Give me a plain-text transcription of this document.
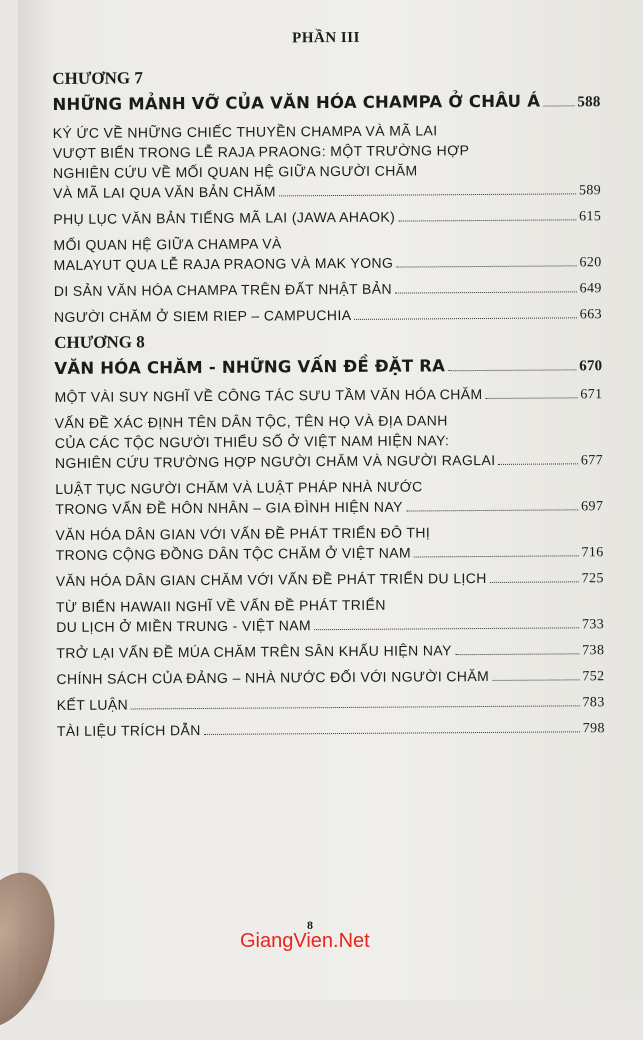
PHẦN III
CHƯƠNG 7
NHỮNG MẢNH VỠ CỦA VĂN HÓA CHAMPA Ở CHÂU Á 588
KÝ ỨC VỀ NHỮNG CHIẾC THUYỀN CHAMPA VÀ MÃ LAI
VƯỢT BIỂN TRONG LỄ RAJA PRAONG: MỘT TRƯỜNG HỢP
NGHIÊN CỨU VỀ MỐI QUAN HỆ GIỮA NGƯỜI CHĂM
VÀ MÃ LAI QUA VĂN BẢN CHĂM	589
PHỤ LỤC VĂN BẢN TIẾNG MÃ LAI (JAWA AHAOK)	615
MỐI QUAN HỆ GIỮA CHAMPA VÀ
MALAYUT QUA LỄ RAJA PRAONG VÀ MAK YONG	620
DI SẢN VĂN HÓA CHAMPA TRÊN ĐẤT NHẬT BẢN	649
NGƯỜI CHĂM Ở SIEM RIEP – CAMPUCHIA	663
CHƯƠNG 8
VĂN HÓA CHĂM - NHỮNG VẤN ĐỀ ĐẶT RA	670
MỘT VÀI SUY NGHĨ VỀ CÔNG TÁC SƯU TẦM VĂN HÓA CHĂM	671
VẤN ĐỀ XÁC ĐỊNH TÊN DÂN TỘC, TÊN HỌ VÀ ĐỊA DANH
CỦA CÁC TỘC NGƯỜI THIỂU SỐ Ở VIỆT NAM HIỆN NAY:
NGHIÊN CỨU TRƯỜNG HỢP NGƯỜI CHĂM VÀ NGƯỜI RAGLAI	677
LUẬT TỤC NGƯỜI CHĂM VÀ LUẬT PHÁP NHÀ NƯỚC
TRONG VẤN ĐỀ HÔN NHÂN – GIA ĐÌNH HIỆN NAY	697
VĂN HÓA DÂN GIAN VỚI VẤN ĐỀ PHÁT TRIỂN ĐÔ THỊ
TRONG CỘNG ĐỒNG DÂN TỘC CHĂM Ở VIỆT NAM	716
VĂN HÓA DÂN GIAN CHĂM VỚI VẤN ĐỀ PHÁT TRIỂN DU LỊCH	725
TỪ BIỂN HAWAII NGHĨ VỀ VẤN ĐỀ PHÁT TRIỂN
DU LỊCH Ở MIỀN TRUNG - VIỆT NAM	733
TRỞ LẠI VẤN ĐỀ MÚA CHĂM TRÊN SÂN KHẤU HIỆN NAY	738
CHÍNH SÁCH CỦA ĐẢNG – NHÀ NƯỚC ĐỐI VỚI NGƯỜI CHĂM	752
KẾT LUẬN	783
TÀI LIỆU TRÍCH DẪN	798
8
GiangVien.Net
